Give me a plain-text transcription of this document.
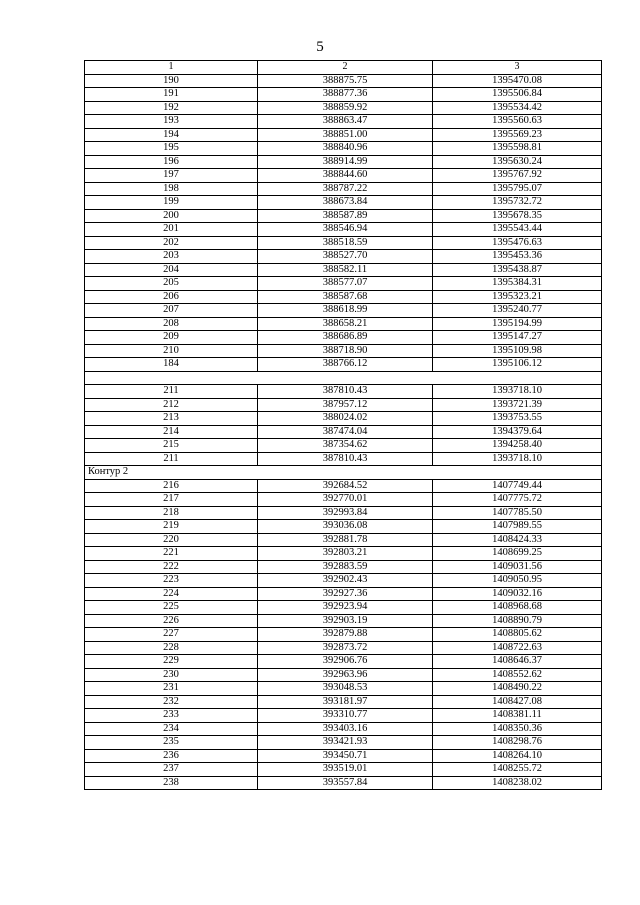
5
1	2	3
190	388875.75	1395470.08
191	388877.36	1395506.84
192	388859.92	1395534.42
193	388863.47	1395560.63
194	388851.00	1395569.23
195	388840.96	1395598.81
196	388914.99	1395630.24
197	388844.60	1395767.92
198	388787.22	1395795.07
199	388673.84	1395732.72
200	388587.89	1395678.35
201	388546.94	1395543.44
202	388518.59	1395476.63
203	388527.70	1395453.36
204	388582.11	1395438.87
205	388577.07	1395384.31
206	388587.68	1395323.21
207	388618.99	1395240.77
208	388658.21	1395194.99
209	388686.89	1395147.27
210	388718.90	1395109.98
184	388766.12	1395106.12

211	387810.43	1393718.10
212	387957.12	1393721.39
213	388024.02	1393753.55
214	387474.04	1394379.64
215	387354.62	1394258.40
211	387810.43	1393718.10
Контур 2		
216	392684.52	1407749.44
217	392770.01	1407775.72
218	392993.84	1407785.50
219	393036.08	1407989.55
220	392881.78	1408424.33
221	392803.21	1408699.25
222	392883.59	1409031.56
223	392902.43	1409050.95
224	392927.36	1409032.16
225	392923.94	1408968.68
226	392903.19	1408890.79
227	392879.88	1408805.62
228	392873.72	1408722.63
229	392906.76	1408646.37
230	392963.96	1408552.62
231	393048.53	1408490.22
232	393181.97	1408427.08
233	393310.77	1408381.11
234	393403.16	1408350.36
235	393421.93	1408298.76
236	393450.71	1408264.10
237	393519.01	1408255.72
238	393557.84	1408238.02
